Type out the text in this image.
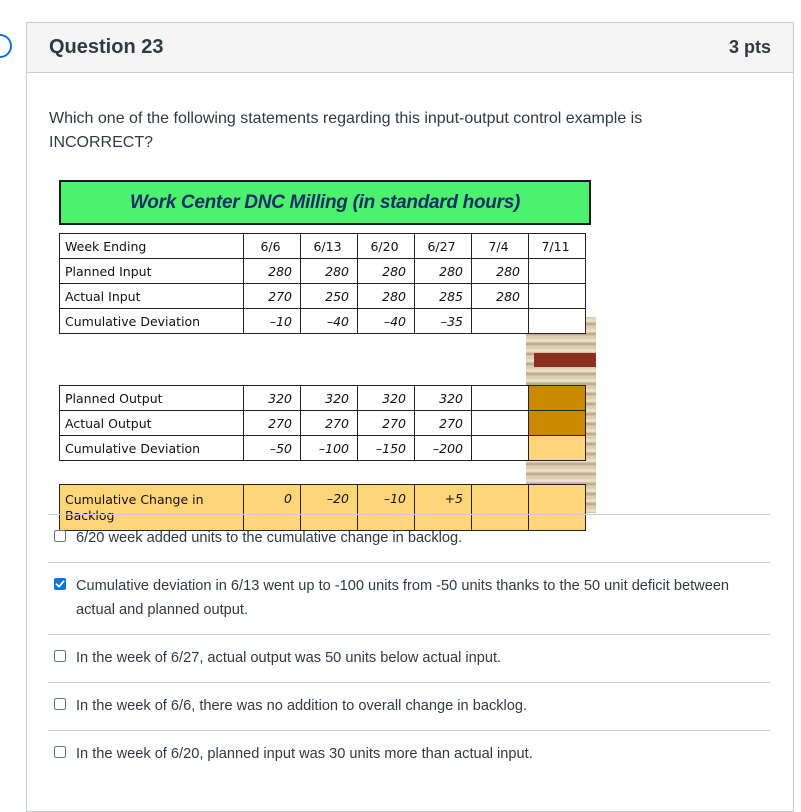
Question 23	3 pts
Which one of the following statements regarding this input-output control example is INCORRECT?
Work Center DNC Milling (in standard hours)
Week Ending	6/6	6/13	6/20	6/27	7/4	7/11
Planned Input	280	280	280	280	280	
Actual Input	270	250	280	285	280	
Cumulative Deviation	–10	–40	–40	–35		
Planned Output	320	320	320	320		
Actual Output	270	270	270	270		
Cumulative Deviation	–50	–100	–150	–200		
Cumulative Change in Backlog	0	–20	–10	+5		
6/20 week added units to the cumulative change in backlog.
Cumulative deviation in 6/13 went up to -100 units from -50 units thanks to the 50 unit deficit between actual and planned output.
In the week of 6/27, actual output was 50 units below actual input.
In the week of 6/6, there was no addition to overall change in backlog.
In the week of 6/20, planned input was 30 units more than actual input.
